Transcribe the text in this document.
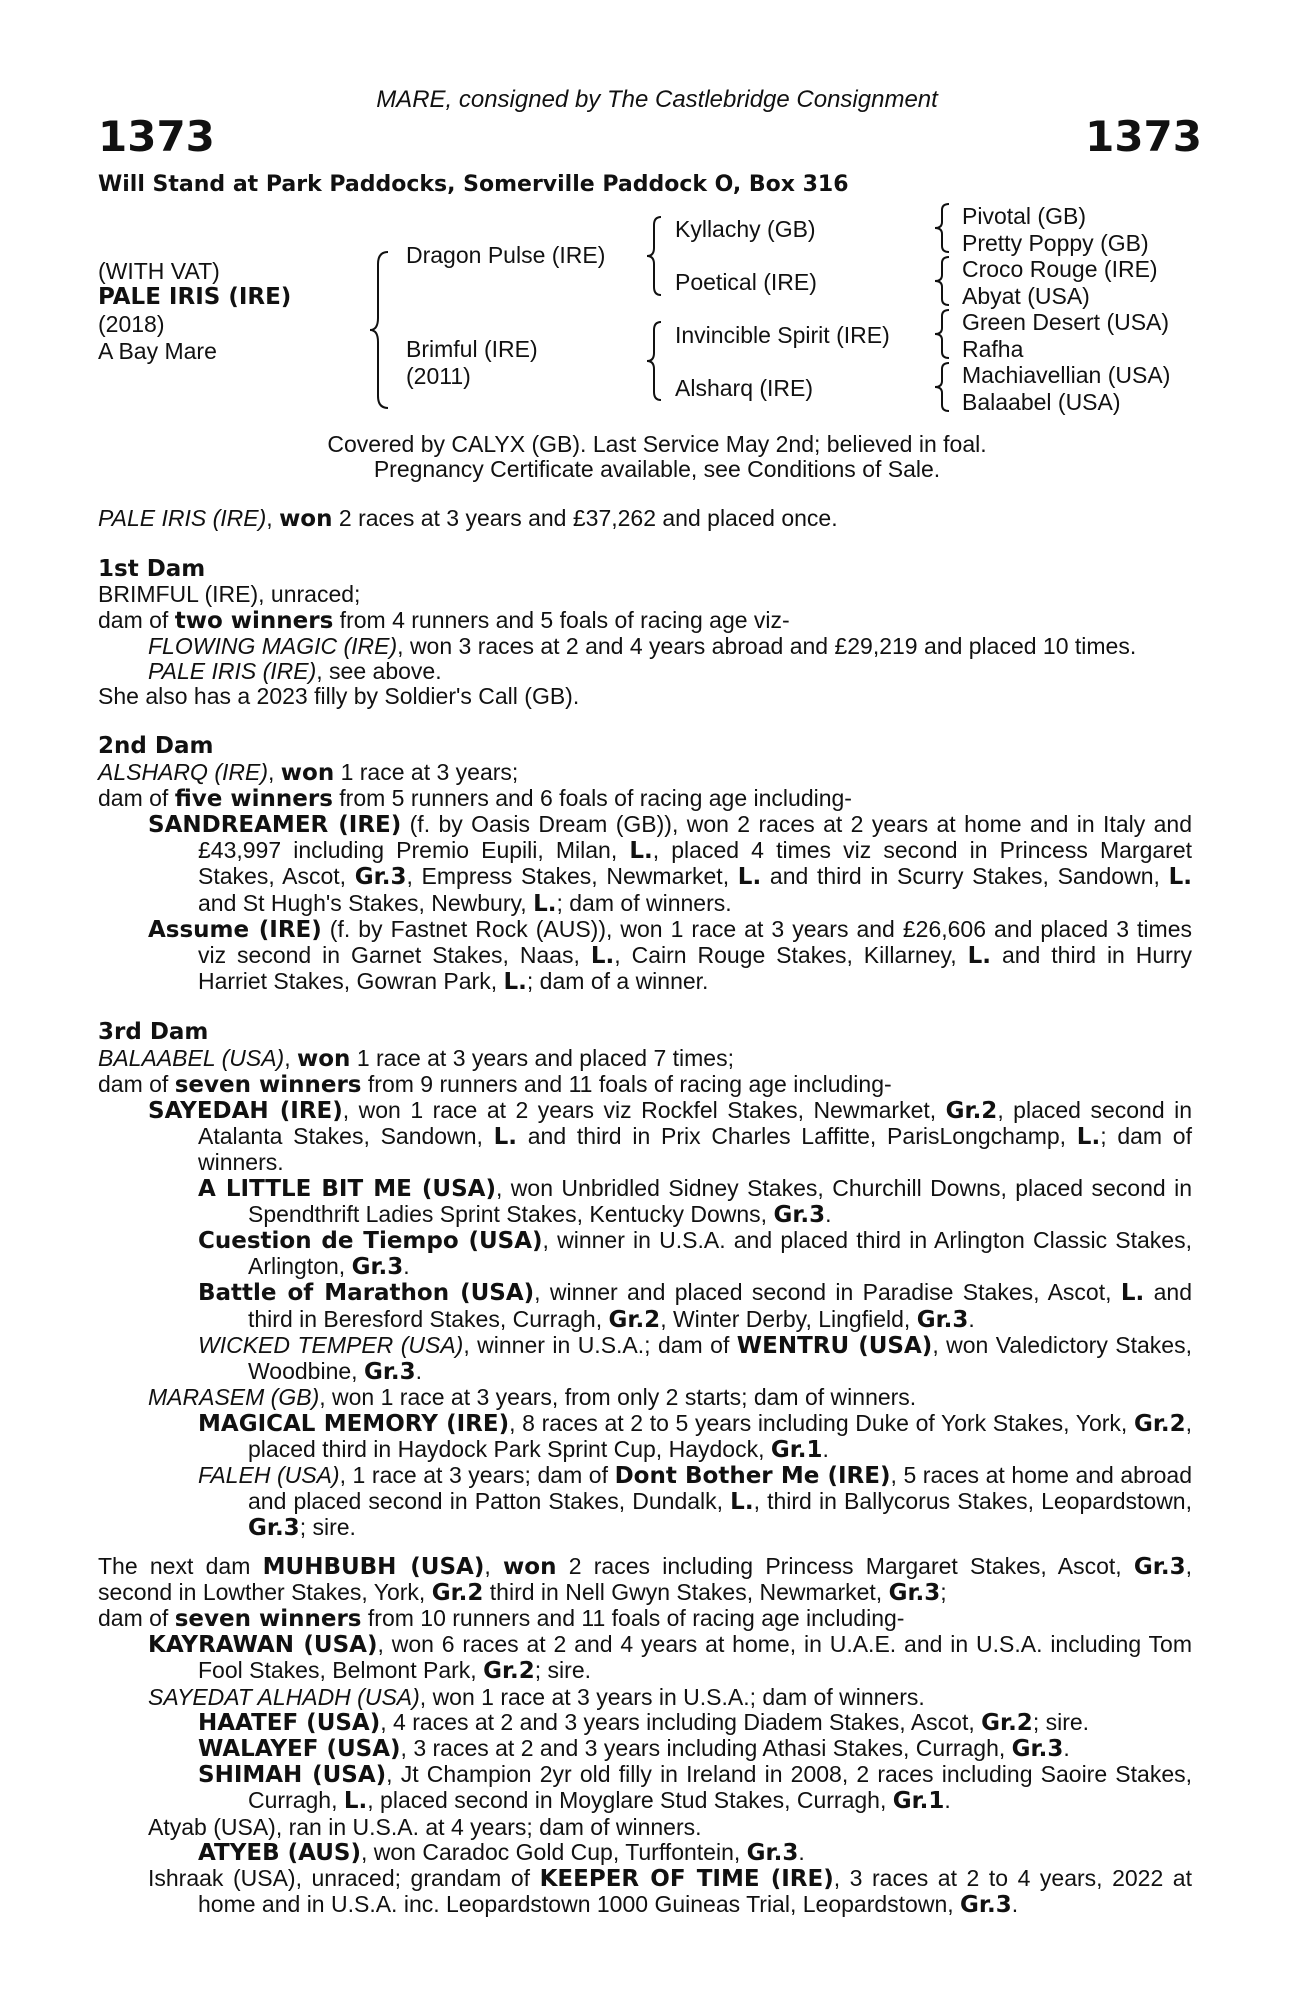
MARE, consigned by The Castlebridge Consignment
1373	1373
Will Stand at Park Paddocks, Somerville Paddock O, Box 316
(WITH VAT)
PALE IRIS (IRE)
(2018)
A Bay Mare
Dragon Pulse (IRE)
Brimful (IRE)
(2011)
Kyllachy (GB)
Poetical (IRE)
Invincible Spirit (IRE)
Alsharq (IRE)
Pivotal (GB)
Pretty Poppy (GB)
Croco Rouge (IRE)
Abyat (USA)
Green Desert (USA)
Rafha
Machiavellian (USA)
Balaabel (USA)
Covered by CALYX (GB). Last Service May 2nd; believed in foal.
Pregnancy Certificate available, see Conditions of Sale.
PALE IRIS (IRE), won 2 races at 3 years and £37,262 and placed once.
1st Dam
BRIMFUL (IRE), unraced;
dam of two winners from 4 runners and 5 foals of racing age viz-
FLOWING MAGIC (IRE), won 3 races at 2 and 4 years abroad and £29,219 and placed 10 times.
PALE IRIS (IRE), see above.
She also has a 2023 filly by Soldier's Call (GB).
2nd Dam
ALSHARQ (IRE), won 1 race at 3 years;
dam of five winners from 5 runners and 6 foals of racing age including-
SANDREAMER (IRE) (f. by Oasis Dream (GB)), won 2 races at 2 years at home and in Italy and £43,997 including Premio Eupili, Milan, L., placed 4 times viz second in Princess Margaret Stakes, Ascot, Gr.3, Empress Stakes, Newmarket, L. and third in Scurry Stakes, Sandown, L. and St Hugh's Stakes, Newbury, L.; dam of winners.
Assume (IRE) (f. by Fastnet Rock (AUS)), won 1 race at 3 years and £26,606 and placed 3 times viz second in Garnet Stakes, Naas, L., Cairn Rouge Stakes, Killarney, L. and third in Hurry Harriet Stakes, Gowran Park, L.; dam of a winner.
3rd Dam
BALAABEL (USA), won 1 race at 3 years and placed 7 times;
dam of seven winners from 9 runners and 11 foals of racing age including-
SAYEDAH (IRE), won 1 race at 2 years viz Rockfel Stakes, Newmarket, Gr.2, placed second in Atalanta Stakes, Sandown, L. and third in Prix Charles Laffitte, ParisLongchamp, L.; dam of winners.
A LITTLE BIT ME (USA), won Unbridled Sidney Stakes, Churchill Downs, placed second in Spendthrift Ladies Sprint Stakes, Kentucky Downs, Gr.3.
Cuestion de Tiempo (USA), winner in U.S.A. and placed third in Arlington Classic Stakes, Arlington, Gr.3.
Battle of Marathon (USA), winner and placed second in Paradise Stakes, Ascot, L. and third in Beresford Stakes, Curragh, Gr.2, Winter Derby, Lingfield, Gr.3.
WICKED TEMPER (USA), winner in U.S.A.; dam of WENTRU (USA), won Valedictory Stakes, Woodbine, Gr.3.
MARASEM (GB), won 1 race at 3 years, from only 2 starts; dam of winners.
MAGICAL MEMORY (IRE), 8 races at 2 to 5 years including Duke of York Stakes, York, Gr.2, placed third in Haydock Park Sprint Cup, Haydock, Gr.1.
FALEH (USA), 1 race at 3 years; dam of Dont Bother Me (IRE), 5 races at home and abroad and placed second in Patton Stakes, Dundalk, L., third in Ballycorus Stakes, Leopardstown, Gr.3; sire.
The next dam MUHBUBH (USA), won 2 races including Princess Margaret Stakes, Ascot, Gr.3, second in Lowther Stakes, York, Gr.2 third in Nell Gwyn Stakes, Newmarket, Gr.3;
dam of seven winners from 10 runners and 11 foals of racing age including-
KAYRAWAN (USA), won 6 races at 2 and 4 years at home, in U.A.E. and in U.S.A. including Tom Fool Stakes, Belmont Park, Gr.2; sire.
SAYEDAT ALHADH (USA), won 1 race at 3 years in U.S.A.; dam of winners.
HAATEF (USA), 4 races at 2 and 3 years including Diadem Stakes, Ascot, Gr.2; sire.
WALAYEF (USA), 3 races at 2 and 3 years including Athasi Stakes, Curragh, Gr.3.
SHIMAH (USA), Jt Champion 2yr old filly in Ireland in 2008, 2 races including Saoire Stakes, Curragh, L., placed second in Moyglare Stud Stakes, Curragh, Gr.1.
Atyab (USA), ran in U.S.A. at 4 years; dam of winners.
ATYEB (AUS), won Caradoc Gold Cup, Turffontein, Gr.3.
Ishraak (USA), unraced; grandam of KEEPER OF TIME (IRE), 3 races at 2 to 4 years, 2022 at home and in U.S.A. inc. Leopardstown 1000 Guineas Trial, Leopardstown, Gr.3.
